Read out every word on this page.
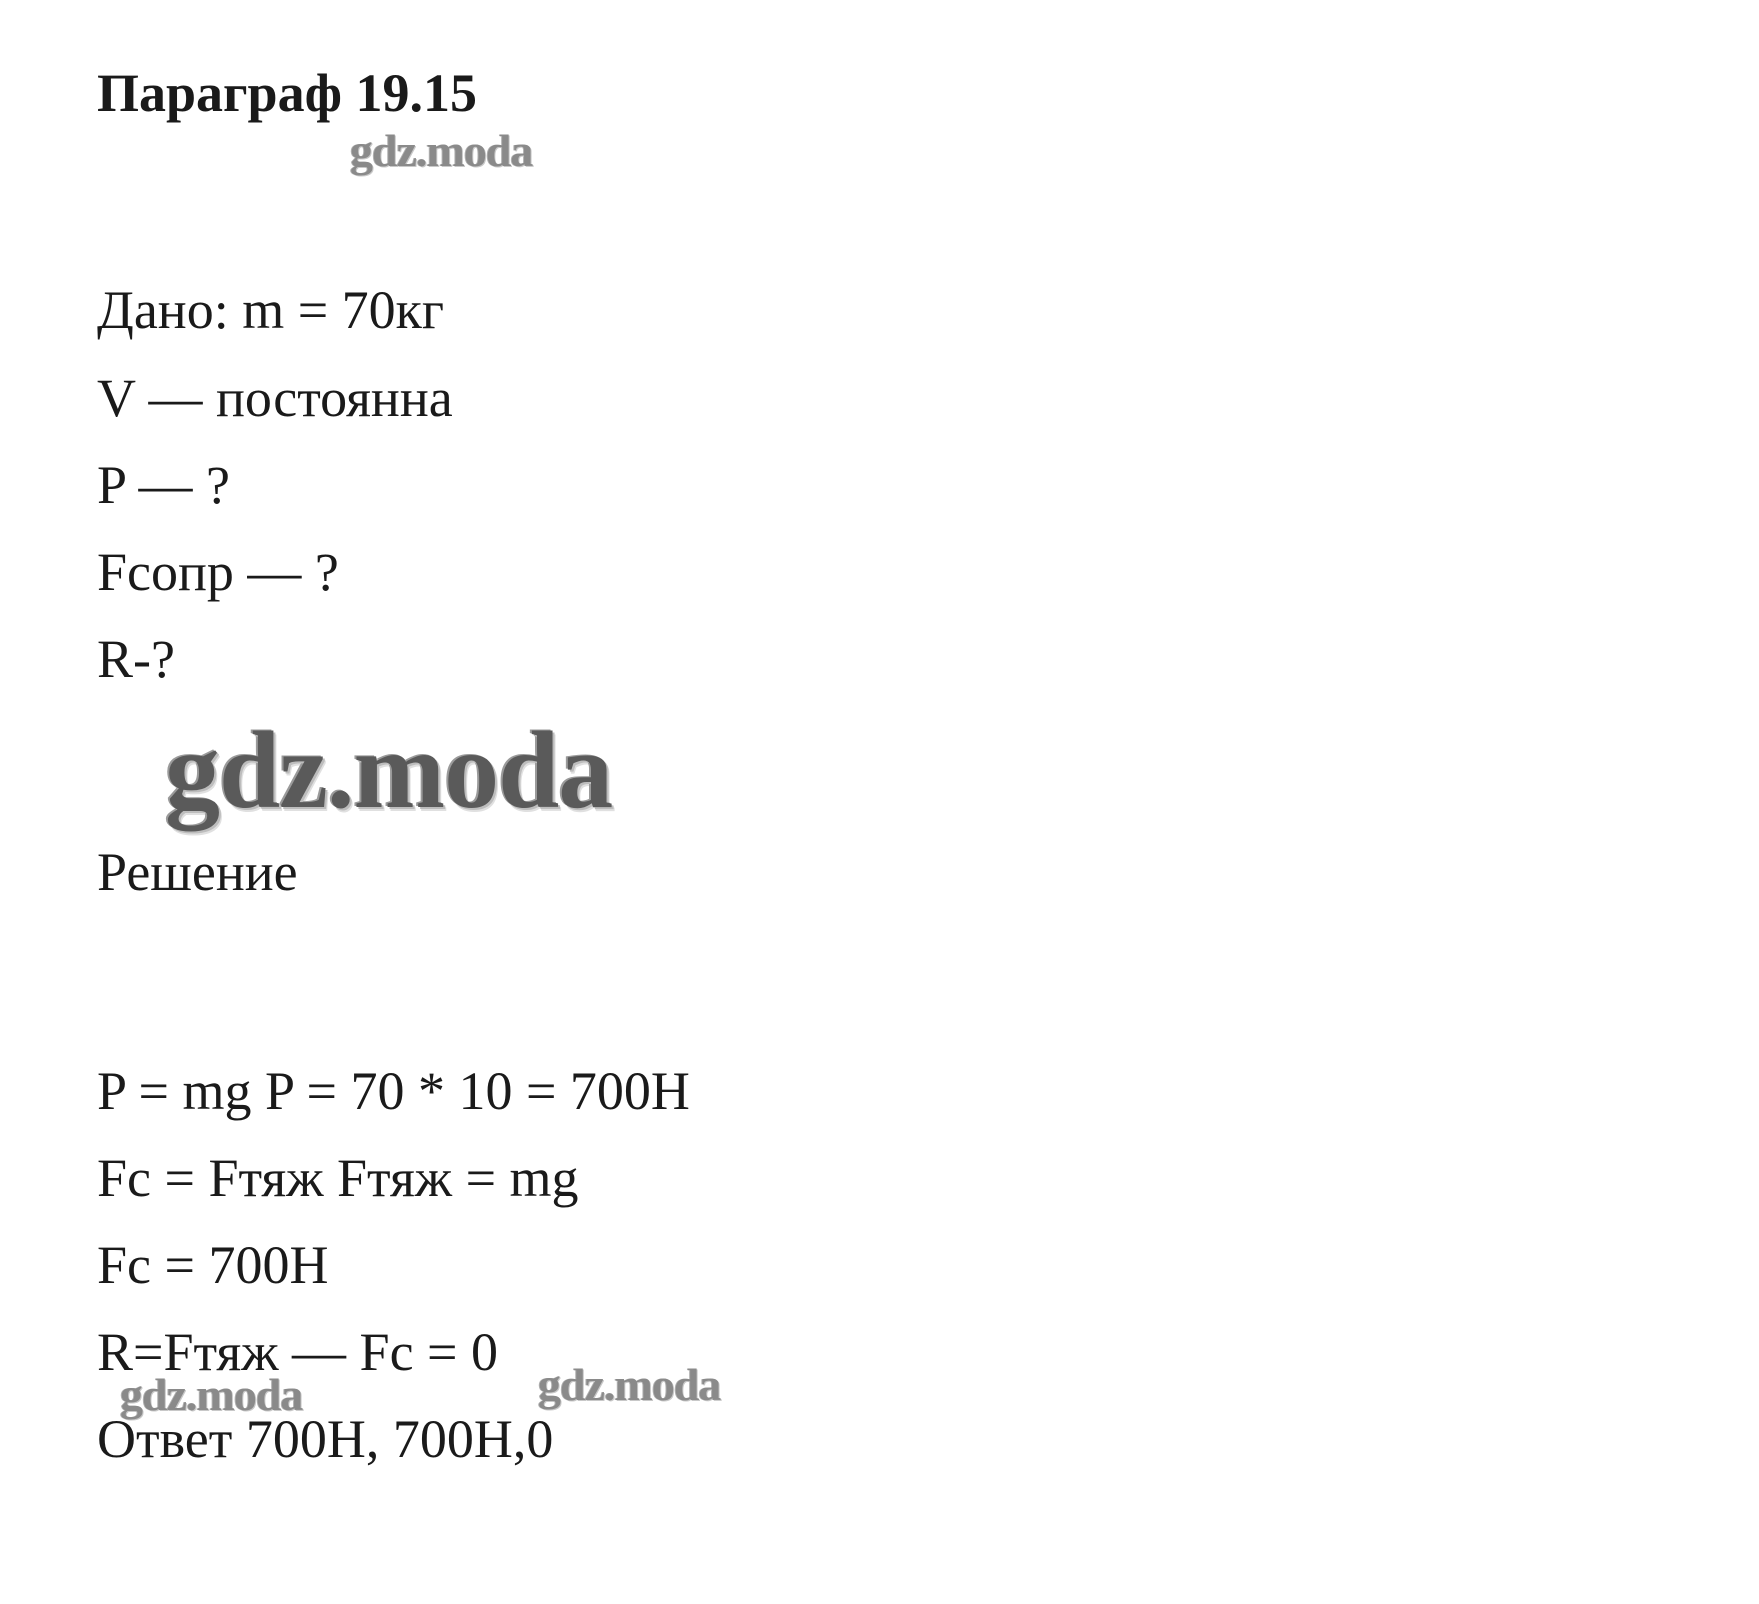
Параграф 19.15
gdz.moda
Дано: m = 70кг
V — постоянна
P — ?
Fсопр — ?
R-?
gdz.moda
Решение
P = mg P = 70 * 10 = 700Н
Fc = Fтяж Fтяж = mg
Fc = 700Н
R=Fтяж — Fc = 0
gdz.moda	gdz.moda
Ответ 700Н, 700Н,0
